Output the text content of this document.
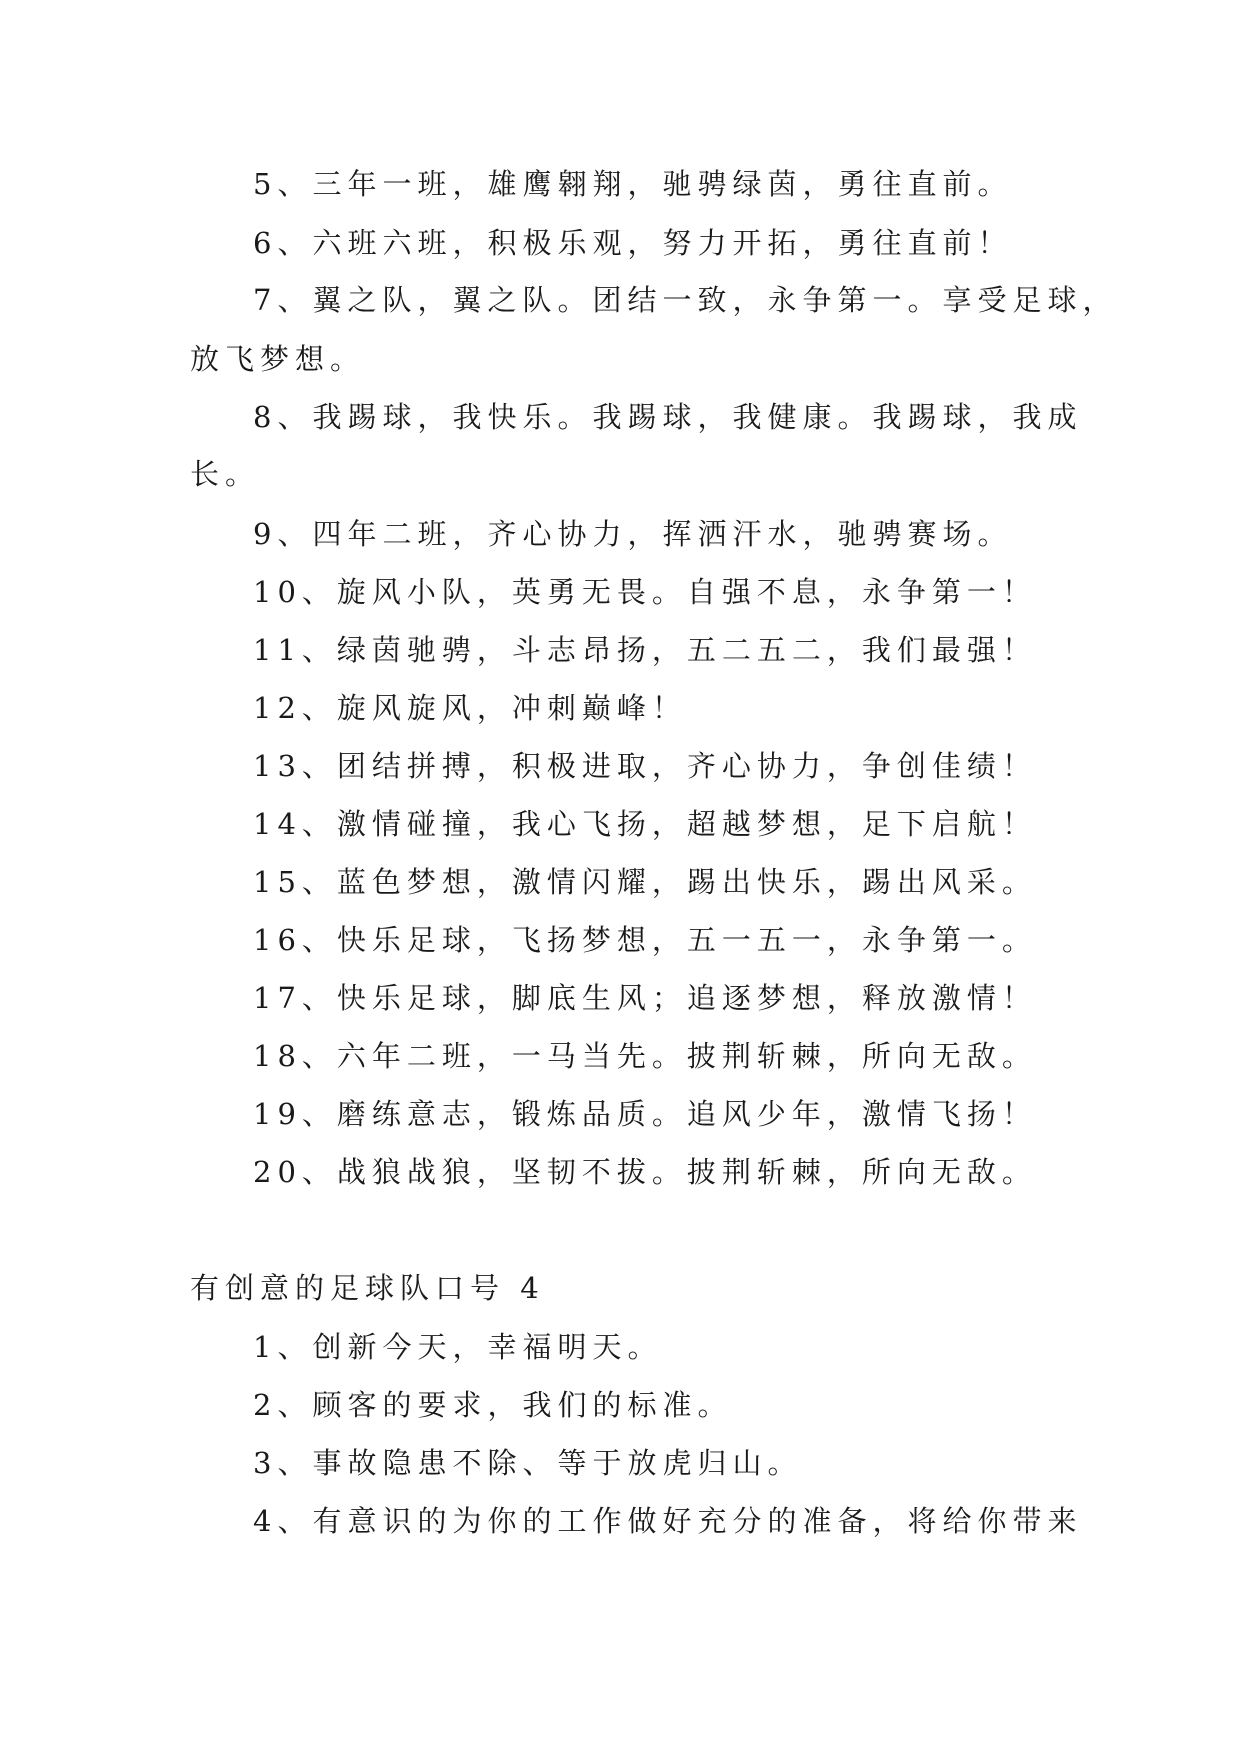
5、三年一班，雄鹰翱翔，驰骋绿茵，勇往直前。
6、六班六班，积极乐观，努力开拓，勇往直前！
7、翼之队，翼之队。团结一致，永争第一。享受足球，
放飞梦想。
8、我踢球，我快乐。我踢球，我健康。我踢球，我成
长。
9、四年二班，齐心协力，挥洒汗水，驰骋赛场。
10、旋风小队，英勇无畏。自强不息，永争第一！
11、绿茵驰骋，斗志昂扬，五二五二，我们最强！
12、旋风旋风，冲刺巅峰！
13、团结拼搏，积极进取，齐心协力，争创佳绩！
14、激情碰撞，我心飞扬，超越梦想，足下启航！
15、蓝色梦想，激情闪耀，踢出快乐，踢出风采。
16、快乐足球，飞扬梦想，五一五一，永争第一。
17、快乐足球，脚底生风；追逐梦想，释放激情！
18、六年二班，一马当先。披荆斩棘，所向无敌。
19、磨练意志，锻炼品质。追风少年，激情飞扬！
20、战狼战狼，坚韧不拔。披荆斩棘，所向无敌。
有创意的足球队口号 4
1、创新今天，幸福明天。
2、顾客的要求，我们的标准。
3、事故隐患不除、等于放虎归山。
4、有意识的为你的工作做好充分的准备，将给你带来
